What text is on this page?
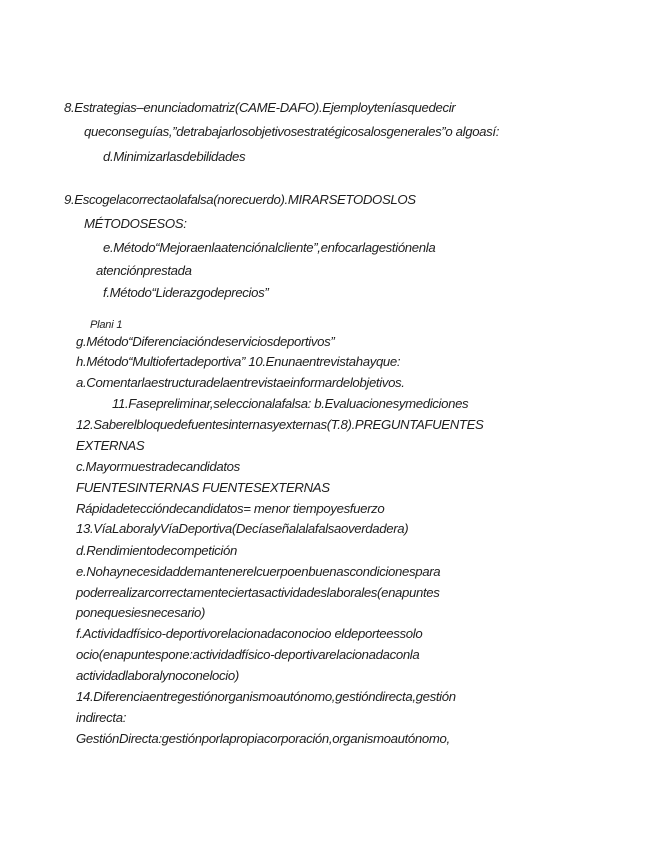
8.Estrategias–enunciadomatriz(CAME-DAFO).Ejemployteníasquedecir
queconseguías,”detrabajarlosobjetivosestratégicosalosgenerales”o algoasí:
d.Minimizarlasdebilidades
9.Escogelacorrectaolafalsa(norecuerdo).MIRARSETODOSLOS
MÉTODOSESOS:
e.Método“Mejoraenlaatenciónalcliente”,enfocarlagestiónenla
atenciónprestada
f.Método“Liderazgodeprecios”
Plani 1
g.Método“Diferenciacióndeserviciosdeportivos”
h.Método“Multiofertadeportiva” 10.Enunaentrevistahayque:
a.Comentarlaestructuradelaentrevistaeinformardelobjetivos.
11.Fasepreliminar,seleccionalafalsa: b.Evaluacionesymediciones
12.Saberelbloquedefuentesinternasyexternas(T.8).PREGUNTAFUENTES
EXTERNAS
c.Mayormuestradecandidatos
FUENTESINTERNAS FUENTESEXTERNAS
Rápidadeteccióndecandidatos= menor tiempoyesfuerzo
13.VíaLaboralyVíaDeportiva(Decíaseñalalafalsaoverdadera)
d.Rendimientodecompetición
e.Nohaynecesidaddemantenerelcuerpoenbuenascondicionespara
poderrealizarcorrectamenteciertasactividadeslaborales(enapuntes
ponequesiesnecesario)
f.Actividadfísico-deportivorelacionadaconocioo eldeporteessolo
ocio(enapuntespone:actividadfísico-deportivarelacionadaconla
actividadlaboralynoconelocio)
14.Diferenciaentregestiónorganismoautónomo,gestióndirecta,gestión
indirecta:
GestiónDirecta:gestiónporlapropiacorporación,organismoautónomo,
